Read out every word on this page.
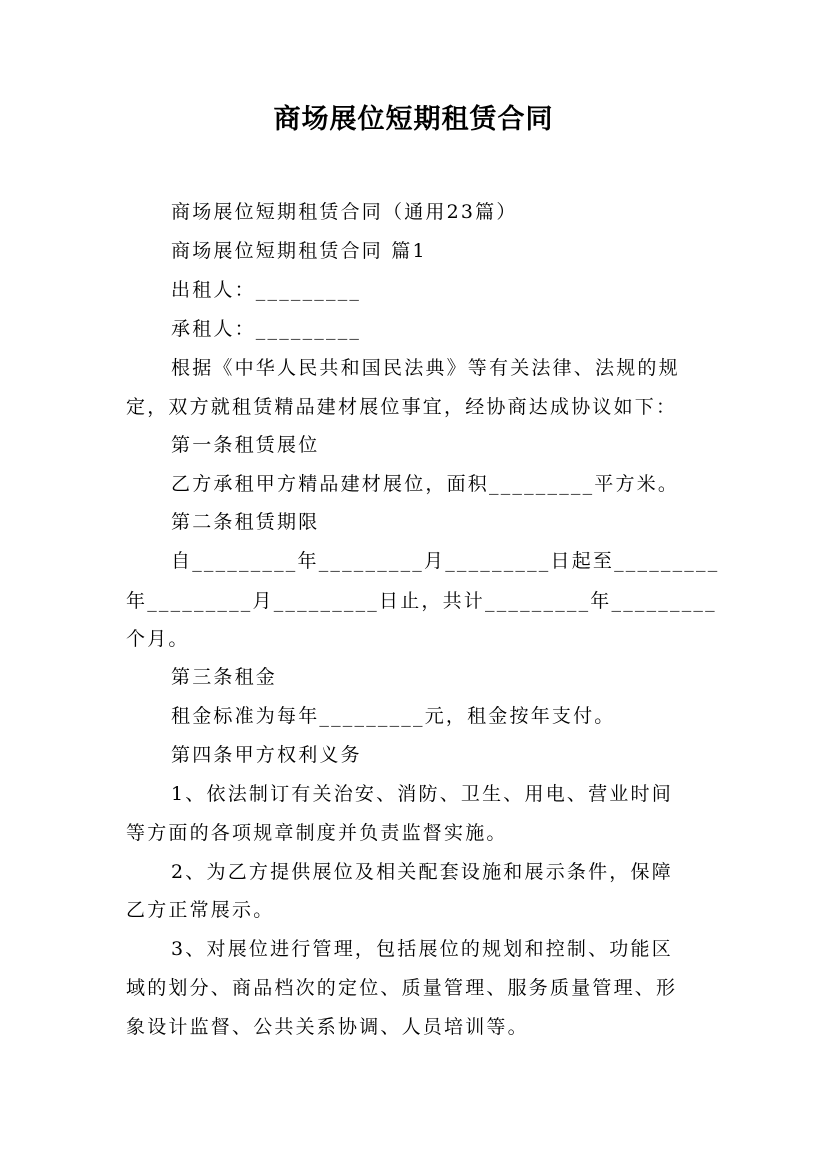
商场展位短期租赁合同
商场展位短期租赁合同（通用23篇）
商场展位短期租赁合同 篇1
出租人：_________
承租人：_________
根据《中华人民共和国民法典》等有关法律、法规的规
定，双方就租赁精品建材展位事宜，经协商达成协议如下：
第一条租赁展位
乙方承租甲方精品建材展位，面积_________平方米。
第二条租赁期限
自_________年_________月_________日起至_________
年_________月_________日止，共计_________年_________
个月。
第三条租金
租金标准为每年_________元，租金按年支付。
第四条甲方权利义务
1、依法制订有关治安、消防、卫生、用电、营业时间
等方面的各项规章制度并负责监督实施。
2、为乙方提供展位及相关配套设施和展示条件，保障
乙方正常展示。
3、对展位进行管理，包括展位的规划和控制、功能区
域的划分、商品档次的定位、质量管理、服务质量管理、形
象设计监督、公共关系协调、人员培训等。
